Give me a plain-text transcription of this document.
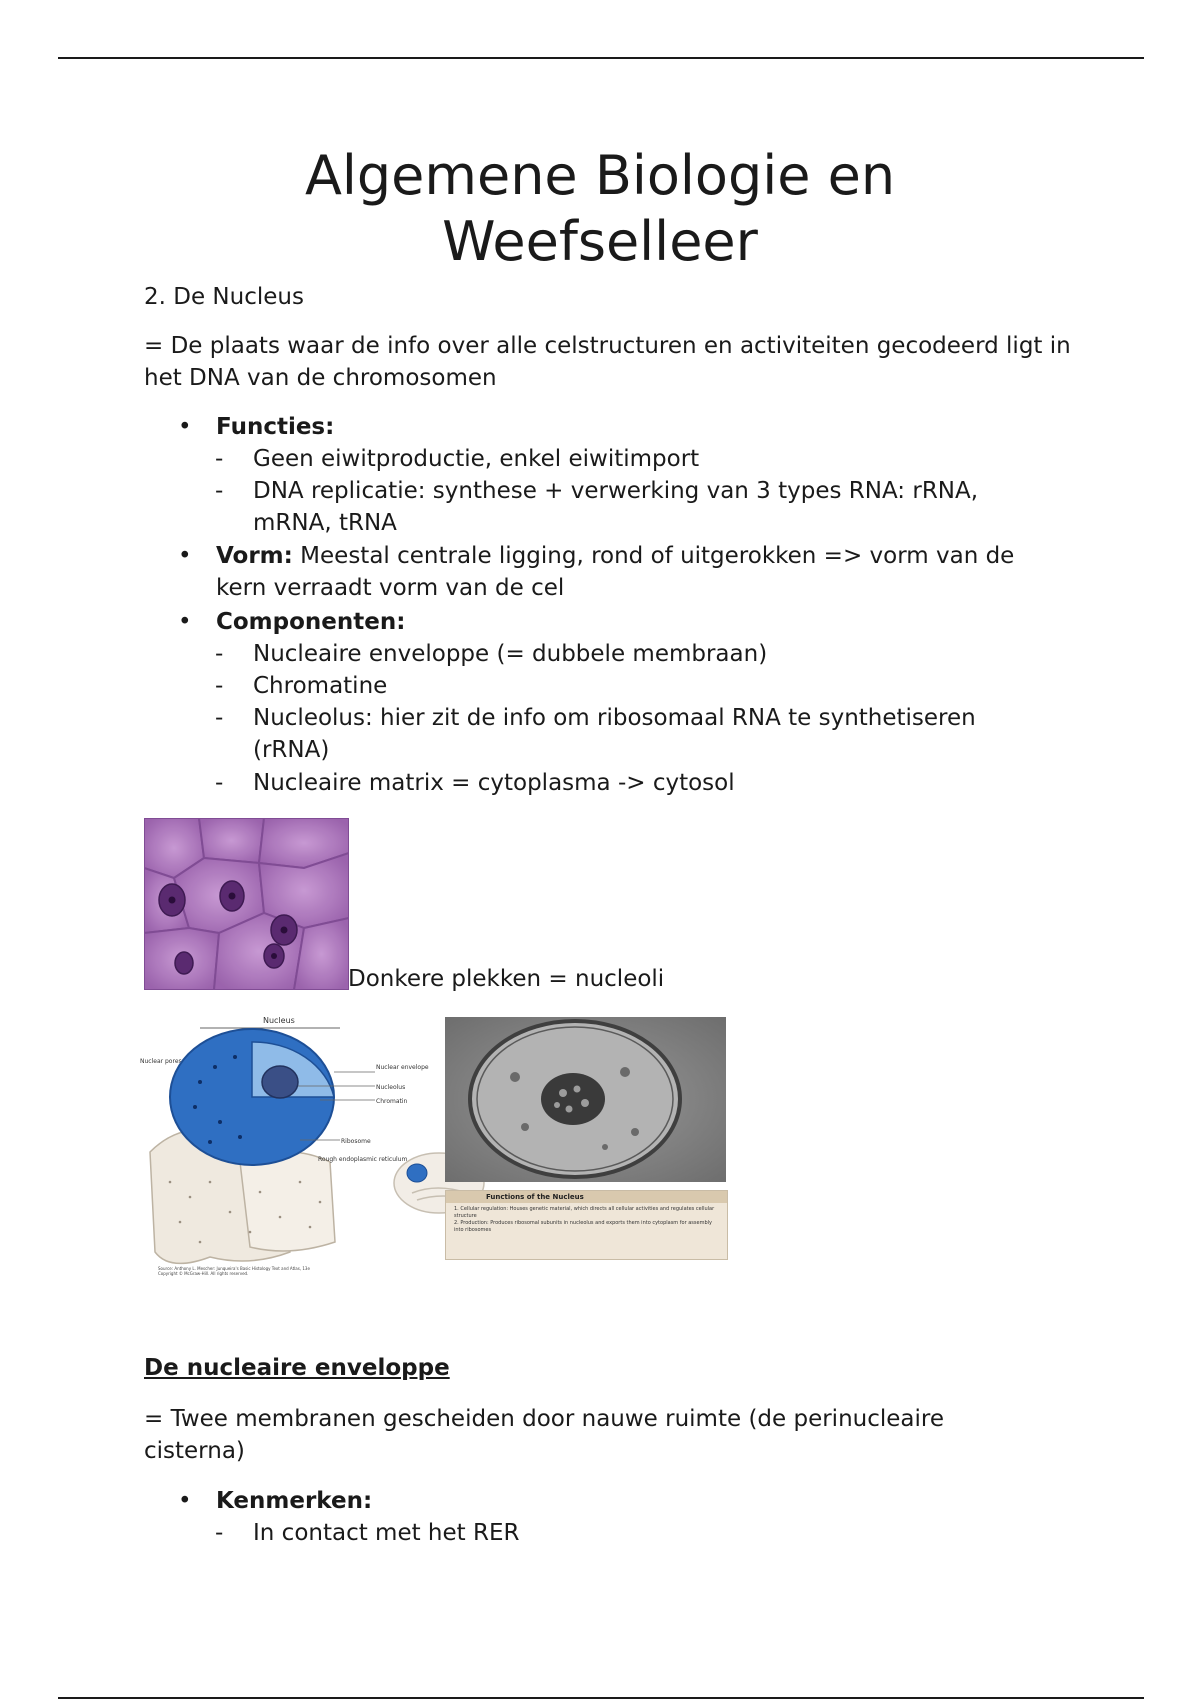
Algemene Biologie en
Weefselleer

2. De Nucleus

= De plaats waar de info over alle celstructuren en activiteiten gecodeerd ligt in het DNA van de chromosomen

• Functies:
- Geen eiwitproductie, enkel eiwitimport
- DNA replicatie: synthese + verwerking van 3 types RNA: rRNA, mRNA, tRNA
• Vorm: Meestal centrale ligging, rond of uitgerokken => vorm van de kern verraadt vorm van de cel
• Componenten:
- Nucleaire enveloppe (= dubbele membraan)
- Chromatine
- Nucleolus: hier zit de info om ribosomaal RNA te synthetiseren (rRNA)
- Nucleaire matrix = cytoplasma -> cytosol
Donkere plekken = nucleoli
Nucleus
Nuclear pores
Nuclear envelope
Nucleolus
Chromatin
Ribosome
Rough endoplasmic reticulum
Source: Anthony L. Mescher: Junqueira's Basic Histology Text and Atlas, 13e Copyright © McGraw-Hill. All rights reserved.
Functions of the Nucleus
1. Cellular regulation: Houses genetic material, which directs all cellular activities and regulates cellular structure
2. Production: Produces ribosomal subunits in nucleolus and exports them into cytoplasm for assembly into ribosomes

De nucleaire enveloppe

= Twee membranen gescheiden door nauwe ruimte (de perinucleaire cisterna)

• Kenmerken:
- In contact met het RER
